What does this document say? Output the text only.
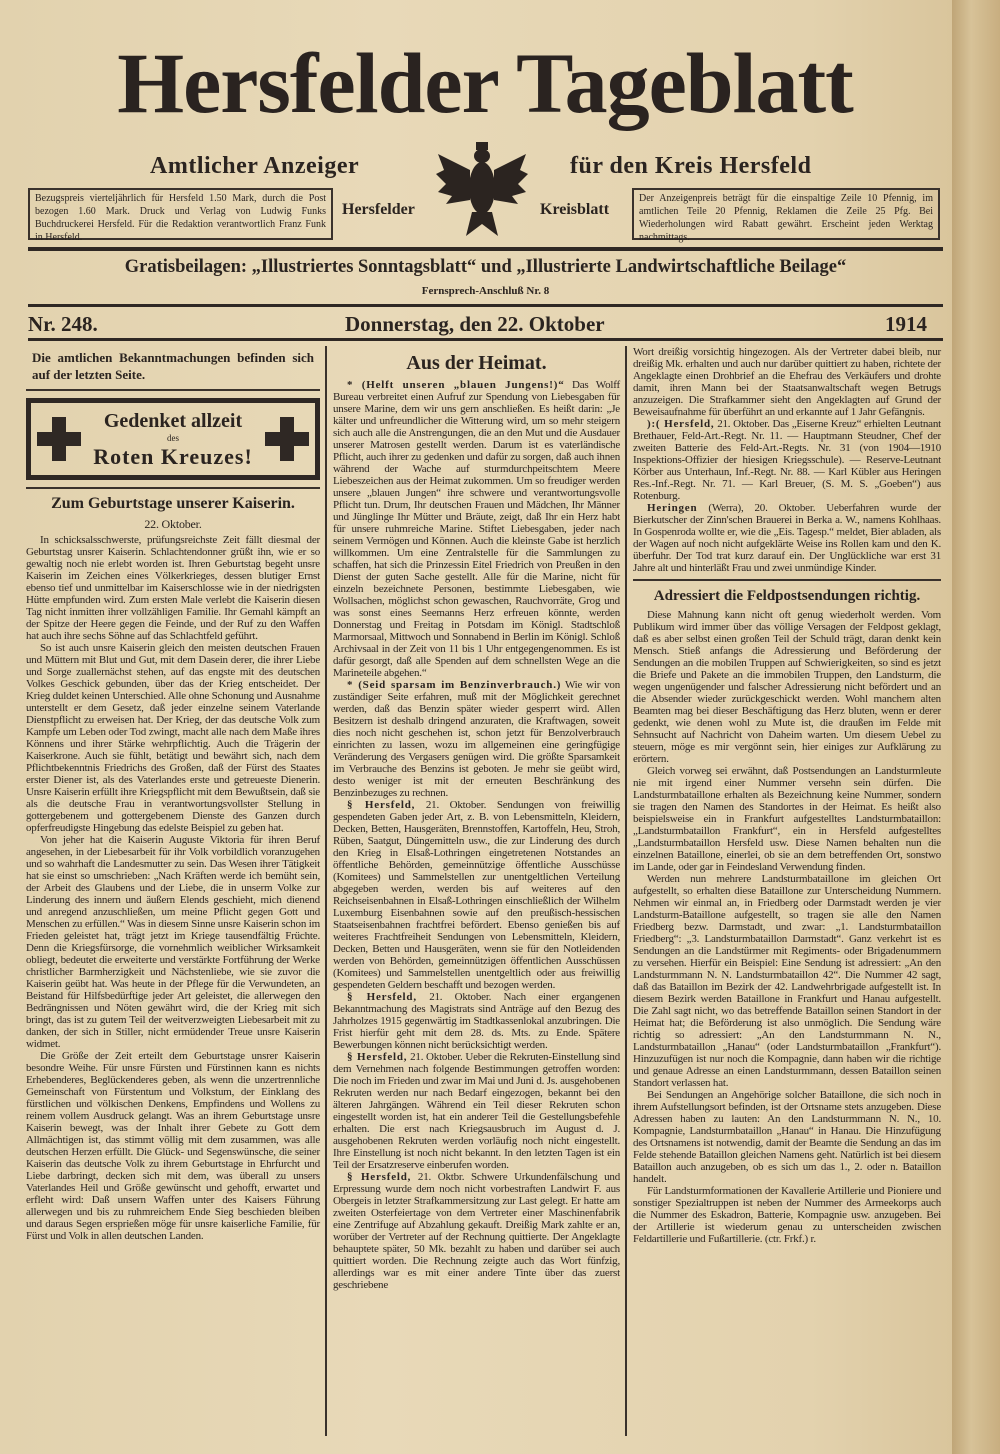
Hersfelder Tageblatt
Amtlicher Anzeiger	für den Kreis Hersfeld
Bezugspreis vierteljährlich für Hersfeld 1.50 Mark, durch die Post bezogen 1.60 Mark. Druck und Verlag von Ludwig Funks Buchdruckerei Hersfeld. Für die Redaktion verantwortlich Franz Funk in Hersfeld.
Hersfelder	Kreisblatt
Der Anzeigenpreis beträgt für die einspaltige Zeile 10 Pfennig, im amtlichen Teile 20 Pfennig, Reklamen die Zeile 25 Pfg. Bei Wiederholungen wird Rabatt gewährt. Erscheint jeden Werktag nachmittags.
Gratisbeilagen: „Illustriertes Sonntagsblatt“ und „Illustrierte Landwirtschaftliche Beilage“
Fernsprech-Anschluß Nr. 8
Nr. 248.	Donnerstag, den 22. Oktober	1914
Die amtlichen Bekanntmachungen befinden sich auf der letzten Seite.
Gedenket allzeit
des
Roten Kreuzes!
Zum Geburtstage unserer Kaiserin.
22. Oktober.

In schicksalsschwerste, prüfungsreichste Zeit fällt diesmal der Geburtstag unsrer Kaiserin. Schlachtendonner grüßt ihn, wie er so gewaltig noch nie erlebt worden ist. Ihren Geburtstag begeht unsre Kaiserin im Zeichen eines Völkerkrieges, dessen blutiger Ernst ebenso tief und unmittelbar im Kaiserschlosse wie in der niedrigsten Hütte empfunden wird. Zum ersten Male verlebt die Kaiserin diesen Tag nicht inmitten ihrer vollzähligen Familie. Ihr Gemahl kämpft an der Spitze der Heere gegen die Feinde, und der Ruf zu den Waffen hat auch ihre sechs Söhne auf das Schlachtfeld geführt.

So ist auch unsre Kaiserin gleich den meisten deutschen Frauen und Müttern mit Blut und Gut, mit dem Dasein derer, die ihrer Liebe und Sorge zuallernächst stehen, auf das engste mit des deutschen Volkes Geschick gebunden, über das der Krieg entscheidet. Der Krieg duldet keinen Unterschied. Alle ohne Schonung und Ausnahme unterstellt er dem Gesetz, daß jeder einzelne seinem Vaterlande Dienstpflicht zu erweisen hat. Der Krieg, der das deutsche Volk zum Kampfe um Leben oder Tod zwingt, macht alle nach dem Maße ihres Könnens und ihrer Stärke wehrpflichtig. Auch die Trägerin der Kaiserkrone. Auch sie fühlt, betätigt und bewährt sich, nach dem Pflichtbekenntnis Friedrichs des Großen, daß der Fürst des Staates erster Diener ist, als des Vaterlandes erste und getreueste Dienerin. Unsre Kaiserin erfüllt ihre Kriegspflicht mit dem Bewußtsein, daß sie als die deutsche Frau in verantwortungsvollster Stellung in gottergebenem und gottergebenem Dienste des Ganzen durch opferfreudigste Hingebung das edelste Beispiel zu geben hat.

Von jeher hat die Kaiserin Auguste Viktoria für ihren Beruf angesehen, in der Liebesarbeit für ihr Volk vorbildlich voranzugehen und so wahrhaft die Landesmutter zu sein. Das Wesen ihrer Tätigkeit hat sie einst so umschrieben: „Nach Kräften werde ich bemüht sein, der Arbeit des Glaubens und der Liebe, die in unserm Volke zur Linderung des innern und äußern Elends geschieht, mich dienend und anregend anzuschließen, um meine Pflicht gegen Gott und Menschen zu erfüllen.“ Was in diesem Sinne unsre Kaiserin schon im Frieden geleistet hat, trägt jetzt im Kriege tausendfältig Früchte. Denn die Kriegsfürsorge, die vornehmlich weiblicher Wirksamkeit obliegt, bedeutet die erweiterte und verstärkte Fortführung der Werke christlicher Barmherzigkeit und Nächstenliebe, wie sie zuvor die Kaiserin geübt hat. Was heute in der Pflege für die Verwundeten, an Beistand für Hilfsbedürftige jeder Art geleistet, die allerwegen den Bedrängnissen und Nöten gewährt wird, die der Krieg mit sich bringt, das ist zu gutem Teil der weitverzweigten Liebesarbeit mit zu danken, der sich in Stiller, nicht ermüdender Treue unsre Kaiserin widmet.

Die Größe der Zeit erteilt dem Geburtstage unsrer Kaiserin besondre Weihe. Für unsre Fürsten und Fürstinnen kann es nichts Erhebenderes, Beglückenderes geben, als wenn die unzertrennliche Gemeinschaft von Fürstentum und Volkstum, der Einklang des fürstlichen und völkischen Denkens, Empfindens und Wollens zu reinem vollem Ausdruck gelangt. Was an ihrem Geburtstage unsre Kaiserin bewegt, was der Inhalt ihrer Gebete zu Gott dem Allmächtigen ist, das stimmt völlig mit dem zusammen, was alle deutschen Herzen erfüllt. Die Glück- und Segenswünsche, die seiner Kaiserin das deutsche Volk zu ihrem Geburtstage in Ehrfurcht und Liebe darbringt, decken sich mit dem, was überall zu unsers Vaterlandes Heil und Größe gewünscht und gehofft, erwartet und erfleht wird: Daß unsern Waffen unter des Kaisers Führung allerwegen und bis zu ruhmreichem Ende Sieg beschieden bleiben und daraus Segen ersprießen möge für unsre kaiserliche Familie, für Fürst und Volk in allen deutschen Landen.

Aus der Heimat.

* (Helft unseren „blauen Jungens!)“ Das Wolff Bureau verbreitet einen Aufruf zur Spendung von Liebesgaben für unsere Marine, dem wir uns gern anschließen. Es heißt darin: „Je kälter und unfreundlicher die Witterung wird, um so mehr steigern sich auch alle die Anstrengungen, die an den Mut und die Ausdauer unserer Matrosen gestellt werden. Darum ist es vaterländische Pflicht, auch ihrer zu gedenken und dafür zu sorgen, daß auch ihnen während der Wache auf sturmdurchpeitschtem Meere Liebeszeichen aus der Heimat zukommen. Um so freudiger werden unsere „blauen Jungen“ ihre schwere und verantwortungsvolle Pflicht tun. Drum, Ihr deutschen Frauen und Mädchen, Ihr Männer und Jünglinge Ihr Mütter und Bräute, zeigt, daß Ihr ein Herz habt für unsere ruhmreiche Marine. Stiftet Liebesgaben, jeder nach seinem Vermögen und Können. Auch die kleinste Gabe ist herzlich willkommen. Um eine Zentralstelle für die Sammlungen zu schaffen, hat sich die Prinzessin Eitel Friedrich von Preußen in den Dienst der guten Sache gestellt. Alle für die Marine, nicht für einzeln bezeichnete Personen, bestimmte Liebesgaben, wie Wollsachen, möglichst schon gewaschen, Rauchvorräte, Grog und was sonst eines Seemanns Herz erfreuen könnte, werden Donnerstag und Freitag in Potsdam im Königl. Stadtschloß Marmorsaal, Mittwoch und Sonnabend in Berlin im Königl. Schloß Archivsaal in der Zeit von 11 bis 1 Uhr entgegengenommen. Es ist dafür gesorgt, daß alle Spenden auf dem schnellsten Wege an die Marineteile abgehen.“

* (Seid sparsam im Benzinverbrauch.) Wie wir von zuständiger Seite erfahren, muß mit der Möglichkeit gerechnet werden, daß das Benzin später wieder gesperrt wird. Allen Besitzern ist deshalb dringend anzuraten, die Kraftwagen, soweit dies noch nicht geschehen ist, schon jetzt für Benzolverbrauch einrichten zu lassen, wozu im allgemeinen eine geringfügige Veränderung des Vergasers genügen wird. Die größte Sparsamkeit im Verbrauche des Benzins ist geboten. Je mehr sie geübt wird, desto weniger ist mit der erneuten Beschränkung des Benzinbezuges zu rechnen.

§ Hersfeld, 21. Oktober. Sendungen von freiwillig gespendeten Gaben jeder Art, z. B. von Lebensmitteln, Kleidern, Decken, Betten, Hausgeräten, Brennstoffen, Kartoffeln, Heu, Stroh, Rüben, Saatgut, Düngemitteln usw., die zur Linderung des durch den Krieg in Elsaß-Lothringen eingetretenen Notstandes an öffentliche Behörden, gemeinnützige öffentliche Ausschüsse (Komitees) und Sammelstellen zur unentgeltlichen Verteilung abgegeben werden, werden bis auf weiteres auf den Reichseisenbahnen in Elsaß-Lothringen einschließlich der Wilhelm Luxemburg Eisenbahnen sowie auf den preußisch-hessischen Staatseisenbahnen frachtfrei befördert. Ebenso genießen bis auf weiteres Frachtfreiheit Sendungen von Lebensmitteln, Kleidern, Decken, Betten und Hausgeräten, wenn sie für den Notleidenden werden von Behörden, gemeinnützigen öffentlichen Ausschüssen (Komitees) und Sammelstellen unentgeltlich oder aus freiwillig gespendeten Geldern beschafft und bezogen werden.

§ Hersfeld, 21. Oktober. Nach einer ergangenen Bekanntmachung des Magistrats sind Anträge auf den Bezug des Jahrholzes 1915 gegenwärtig im Stadtkassenlokal anzubringen. Die Frist hierfür geht mit dem 28. ds. Mts. zu Ende. Spätere Bewerbungen können nicht berücksichtigt werden.

§ Hersfeld, 21. Oktober. Ueber die Rekruten-Einstellung sind dem Vernehmen nach folgende Bestimmungen getroffen worden: Die noch im Frieden und zwar im Mai und Juni d. Js. ausgehobenen Rekruten werden nur nach Bedarf eingezogen, bekannt bei den älteren Jahrgängen. Während ein Teil dieser Rekruten schon eingestellt worden ist, hat ein anderer Teil die Gestellungsbefehle erhalten. Die erst nach Kriegsausbruch im August d. J. ausgehobenen Rekruten werden vorläufig noch nicht eingestellt. Ihre Einstellung ist noch nicht bekannt. In den letzten Tagen ist ein Teil der Ersatzreserve einberufen worden.

§ Hersfeld, 21. Oktbr. Schwere Urkundenfälschung und Erpressung wurde dem noch nicht vorbestraften Landwirt F. aus Obergeis in letzter Strafkammersitzung zur Last gelegt. Er hatte am zweiten Osterfeiertage von dem Vertreter einer Maschinenfabrik eine Zentrifuge auf Abzahlung gekauft. Dreißig Mark zahlte er an, worüber der Vertreter auf der Rechnung quittierte. Der Angeklagte behauptete später, 50 Mk. bezahlt zu haben und darüber sei auch quittiert worden. Die Rechnung zeigte auch das Wort fünfzig, allerdings war es mit einer andere Tinte über das zuerst geschriebene

Wort dreißig vorsichtig hingezogen. Als der Vertreter dabei bleib, nur dreißig Mk. erhalten und auch nur darüber quittiert zu haben, richtete der Angeklagte einen Drohbrief an die Ehefrau des Verkäufers und drohte damit, ihren Mann bei der Staatsanwaltschaft wegen Betrugs anzuzeigen. Die Strafkammer sieht den Angeklagten auf Grund der Beweisaufnahme für überführt an und erkannte auf 1 Jahr Gefängnis.

):( Hersfeld, 21. Oktober. Das „Eiserne Kreuz“ erhielten Leutnant Brethauer, Feld-Art.-Regt. Nr. 11. — Hauptmann Steudner, Chef der zweiten Batterie des Feld-Art.-Regts. Nr. 31 (von 1904—1910 Inspektions-Offizier der hiesigen Kriegsschule). — Reserve-Leutnant Körber aus Unterhaun, Inf.-Regt. Nr. 88. — Karl Kübler aus Heringen Res.-Inf.-Regt. Nr. 71. — Karl Breuer, (S. M. S. „Goeben“) aus Rotenburg.

Heringen (Werra), 20. Oktober. Ueberfahren wurde der Bierkutscher der Zinn'schen Brauerei in Berka a. W., namens Kohlhaas. In Gospenroda wollte er, wie die „Eis. Tagesp.“ meldet, Bier abladen, als der Wagen auf noch nicht aufgeklärte Weise ins Rollen kam und den K. überfuhr. Der Tod trat kurz darauf ein. Der Unglückliche war erst 31 Jahre alt und hinterläßt Frau und zwei unmündige Kinder.

Adressiert die Feldpostsendungen richtig.

Diese Mahnung kann nicht oft genug wiederholt werden. Vom Publikum wird immer über das völlige Versagen der Feldpost geklagt, daß es aber selbst einen großen Teil der Schuld trägt, daran denkt kein Mensch. Stieß anfangs die Adressierung und Beförderung der Sendungen an die mobilen Truppen auf Schwierigkeiten, so sind es jetzt die Briefe und Pakete an die immobilen Truppen, den Landsturm, die wegen ungenügender und falscher Adressierung nicht befördert und an die Absender wieder zurückgeschickt werden. Wohl manchem alten Beamten mag bei dieser Beschäftigung das Herz bluten, wenn er derer gedenkt, wie denen wohl zu Mute ist, die draußen im Felde mit Sehnsucht auf Nachricht von Daheim warten. Um diesem Uebel zu steuern, möge es mir vergönnt sein, hier einiges zur Aufklärung zu erörtern.

Gleich vorweg sei erwähnt, daß Postsendungen an Landsturmleute nie mit irgend einer Nummer versehn sein dürfen. Die Landsturmbataillone erhalten als Bezeichnung keine Nummer, sondern sie tragen den Namen des Standortes in der Heimat. Es heißt also beispielsweise ein in Frankfurt aufgestelltes Landsturmbataillon: „Landsturmbataillon Frankfurt“, ein in Hersfeld aufgestelltes „Landsturmbataillon Hersfeld usw. Diese Namen behalten nun die einzelnen Bataillone, einerlei, ob sie an dem betreffenden Ort, sonstwo im Lande, oder gar in Feindesland Verwendung finden.

Werden nun mehrere Landsturmbataillone im gleichen Ort aufgestellt, so erhalten diese Bataillone zur Unterscheidung Nummern. Nehmen wir einmal an, in Friedberg oder Darmstadt werden je vier Landsturm-Bataillone aufgestellt, so tragen sie alle den Namen Friedberg bezw. Darmstadt, und zwar: „1. Landsturmbataillon Friedberg“: „3. Landsturmbataillon Darmstadt“. Ganz verkehrt ist es Sendungen an die Landstürmer mit Regiments- oder Brigadenummern zu versehen. Hierfür ein Beispiel: Eine Sendung ist adressiert: „An den Landsturmmann N. N. Landsturmbataillon 42“. Die Nummer 42 sagt, daß das Bataillon im Bezirk der 42. Landwehrbrigade aufgestellt ist. In diesem Bezirk werden Bataillone in Frankfurt und Hanau aufgestellt. Die Zahl sagt nicht, wo das betreffende Bataillon seinen Standort in der Heimat hat; die Beförderung ist also unmöglich. Die Sendung wäre richtig so adressiert: „An den Landsturmmann N. N., Landsturmbataillon „Hanau“ (oder Landsturmbataillon „Frankfurt“). Hinzuzufügen ist nur noch die Kompagnie, dann haben wir die richtige und genaue Adresse an einen Landsturmmann, dessen Bataillon seinen Standort verlassen hat.

Bei Sendungen an Angehörige solcher Bataillone, die sich noch in ihrem Aufstellungsort befinden, ist der Ortsname stets anzugeben. Diese Adressen haben zu lauten: An den Landsturmmann N. N., 10. Kompagnie, Landsturmbataillon „Hanau“ in Hanau. Die Hinzufügung des Ortsnamens ist notwendig, damit der Beamte die Sendung an das im Felde stehende Bataillon gleichen Namens geht. Natürlich ist bei diesem Bataillon auch anzugeben, ob es sich um das 1., 2. oder n. Bataillon handelt.

Für Landsturmformationen der Kavallerie Artillerie und Pioniere und sonstiger Spezialtruppen ist neben der Nummer des Armeekorps auch die Nummer des Eskadron, Batterie, Kompagnie usw. anzugeben. Bei der Artillerie ist wiederum genau zu unterscheiden zwischen Feldartillerie und Fußartillerie. (ctr. Frkf.) r.
